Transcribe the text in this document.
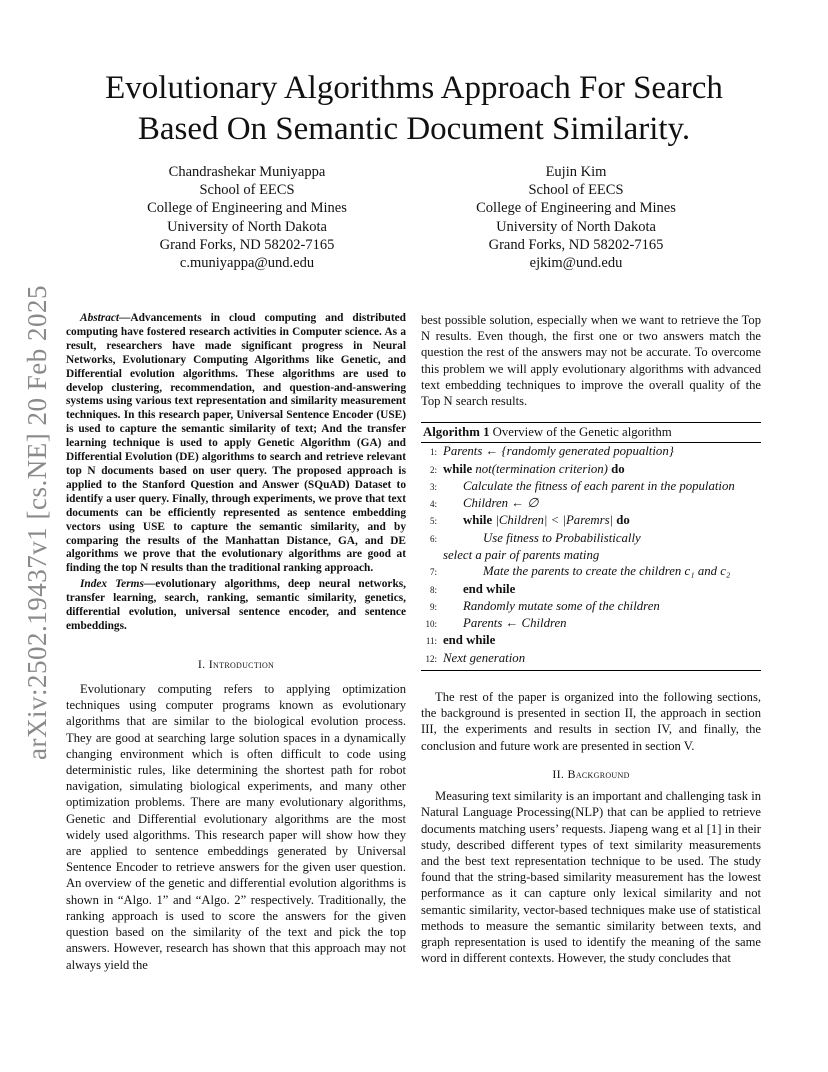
arXiv:2502.19437v1 [cs.NE] 20 Feb 2025
Evolutionary Algorithms Approach For Search
Based On Semantic Document Similarity.
Chandrashekar Muniyappa
School of EECS
College of Engineering and Mines
University of North Dakota
Grand Forks, ND 58202-7165
c.muniyappa@und.edu
Eujin Kim
School of EECS
College of Engineering and Mines
University of North Dakota
Grand Forks, ND 58202-7165
ejkim@und.edu

Abstract—Advancements in cloud computing and distributed computing have fostered research activities in Computer science. As a result, researchers have made significant progress in Neural Networks, Evolutionary Computing Algorithms like Genetic, and Differential evolution algorithms. These algorithms are used to develop clustering, recommendation, and question-and-answering systems using various text representation and similarity measurement techniques. In this research paper, Universal Sentence Encoder (USE) is used to capture the semantic similarity of text; And the transfer learning technique is used to apply Genetic Algorithm (GA) and Differential Evolution (DE) algorithms to search and retrieve relevant top N documents based on user query. The proposed approach is applied to the Stanford Question and Answer (SQuAD) Dataset to identify a user query. Finally, through experiments, we prove that text documents can be efficiently represented as sentence embedding vectors using USE to capture the semantic similarity, and by comparing the results of the Manhattan Distance, GA, and DE algorithms we prove that the evolutionary algorithms are good at finding the top N results than the traditional ranking approach.

Index Terms—evolutionary algorithms, deep neural networks, transfer learning, search, ranking, semantic similarity, genetics, differential evolution, universal sentence encoder, and sentence embeddings.

I. Introduction

Evolutionary computing refers to applying optimization techniques using computer programs known as evolutionary algorithms that are similar to the biological evolution process. They are good at searching large solution spaces in a dynamically changing environment which is often difficult to code using deterministic rules, like determining the shortest path for robot navigation, simulating biological experiments, and many other optimization problems. There are many evolutionary algorithms, Genetic and Differential evolutionary algorithms are the most widely used algorithms. This research paper will show how they are applied to sentence embeddings generated by Universal Sentence Encoder to retrieve answers for the given user question. An overview of the genetic and differential evolution algorithms is shown in “Algo. 1” and “Algo. 2” respectively. Traditionally, the ranking approach is used to score the answers for the given question based on the similarity of the text and pick the top answers. However, research has shown that this approach may not always yield the

best possible solution, especially when we want to retrieve the Top N results. Even though, the first one or two answers match the question the rest of the answers may not be accurate. To overcome this problem we will apply evolutionary algorithms with advanced text embedding techniques to improve the overall quality of the Top N search results.

Algorithm 1 Overview of the Genetic algorithm
1: Parents ← {randomly generated popualtion}
2: while not(termination criterion) do
3:	Calculate the fitness of each parent in the population
4:	Children ← ∅
5:	while |Children| < |Paremrs| do
6:	Use fitness to Probabilistically
select a pair of parents mating
7:	Mate the parents to create the children c₁ and c₂
8:	end while
9:	Randomly mutate some of the children
10:	Parents ← Children
11: end while
12: Next generation

The rest of the paper is organized into the following sections, the background is presented in section II, the approach in section III, the experiments and results in section IV, and finally, the conclusion and future work are presented in section V.

II. Background

Measuring text similarity is an important and challenging task in Natural Language Processing(NLP) that can be applied to retrieve documents matching users’ requests. Jiapeng wang et al [1] in their study, described different types of text similarity measurements and the best text representation technique to be used. The study found that the string-based similarity measurement has the lowest performance as it can capture only lexical similarity and not semantic similarity, vector-based techniques make use of statistical methods to measure the semantic similarity between texts, and graph representation is used to identify the meaning of the same word in different contexts. However, the study concludes that
